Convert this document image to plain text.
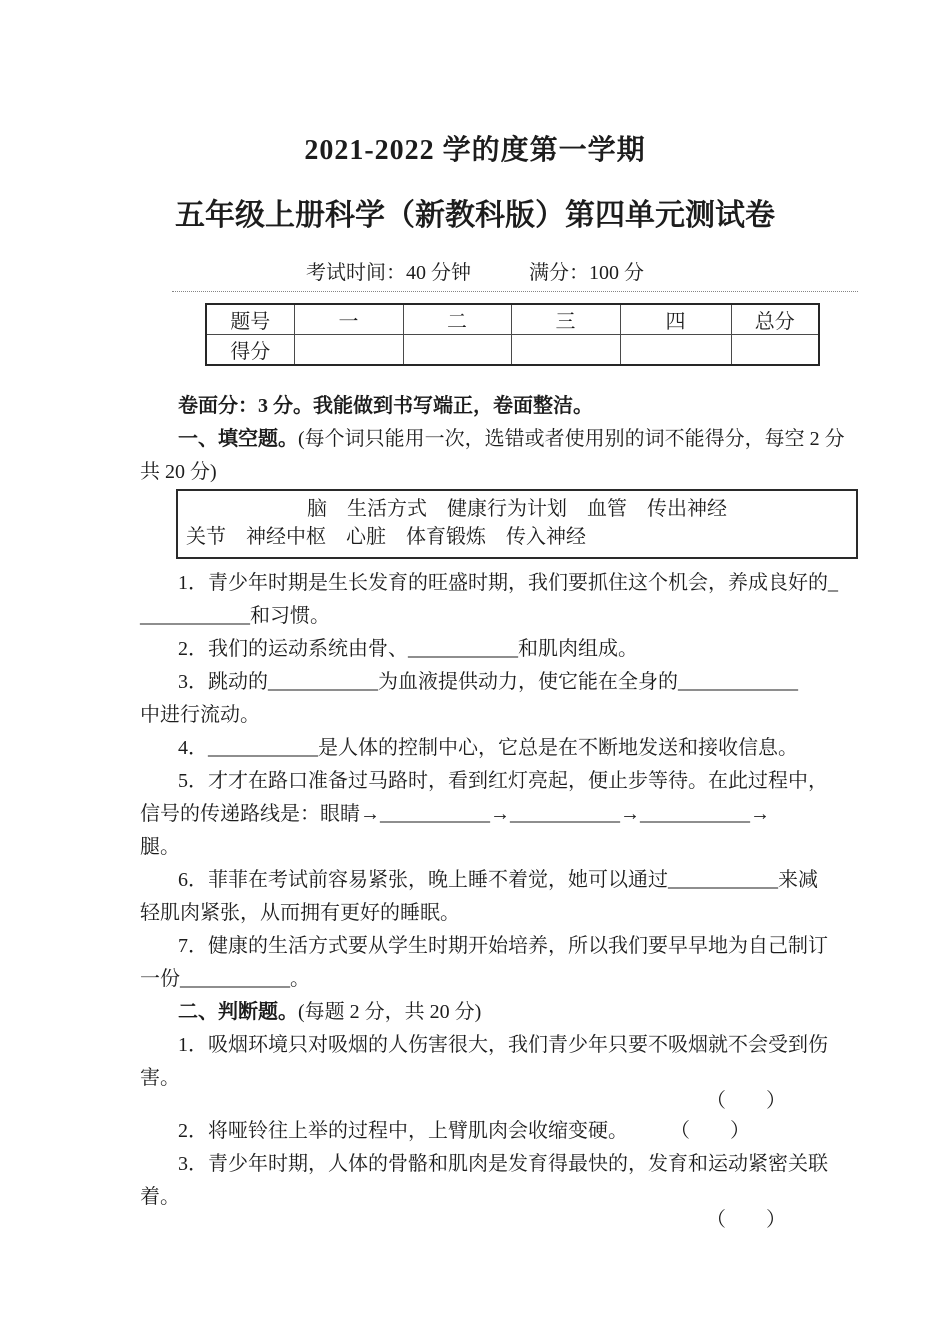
2021-2022 学的度第一学期
五年级上册科学（新教科版）第四单元测试卷
考试时间：40 分钟	满分：100 分
题号	一	二	三	四	总分
得分					
卷面分：3 分。我能做到书写端正，卷面整洁。
一、填空题。(每个词只能用一次，选错或者使用别的词不能得分，每空 2 分
共 20 分)
脑　生活方式　健康行为计划　血管　传出神经
关节　神经中枢　心脏　体育锻炼　传入神经
1．青少年时期是生长发育的旺盛时期，我们要抓住这个机会，养成良好的_
___________和习惯。
2．我们的运动系统由骨、___________和肌肉组成。
3．跳动的___________为血液提供动力，使它能在全身的____________
中进行流动。
4．___________是人体的控制中心，它总是在不断地发送和接收信息。
5．才才在路口准备过马路时，看到红灯亮起，便止步等待。在此过程中，
信号的传递路线是：眼睛→___________→___________→___________→
腿。
6．菲菲在考试前容易紧张，晚上睡不着觉，她可以通过___________来减
轻肌肉紧张，从而拥有更好的睡眠。
7．健康的生活方式要从学生时期开始培养，所以我们要早早地为自己制订
一份___________。
二、判断题。(每题 2 分，共 20 分)
1．吸烟环境只对吸烟的人伤害很大，我们青少年只要不吸烟就不会受到伤
害。
（　　）
2．将哑铃往上举的过程中，上臂肌肉会收缩变硬。	（　　）
3．青少年时期，人体的骨骼和肌肉是发育得最快的，发育和运动紧密关联
着。
（　　）
